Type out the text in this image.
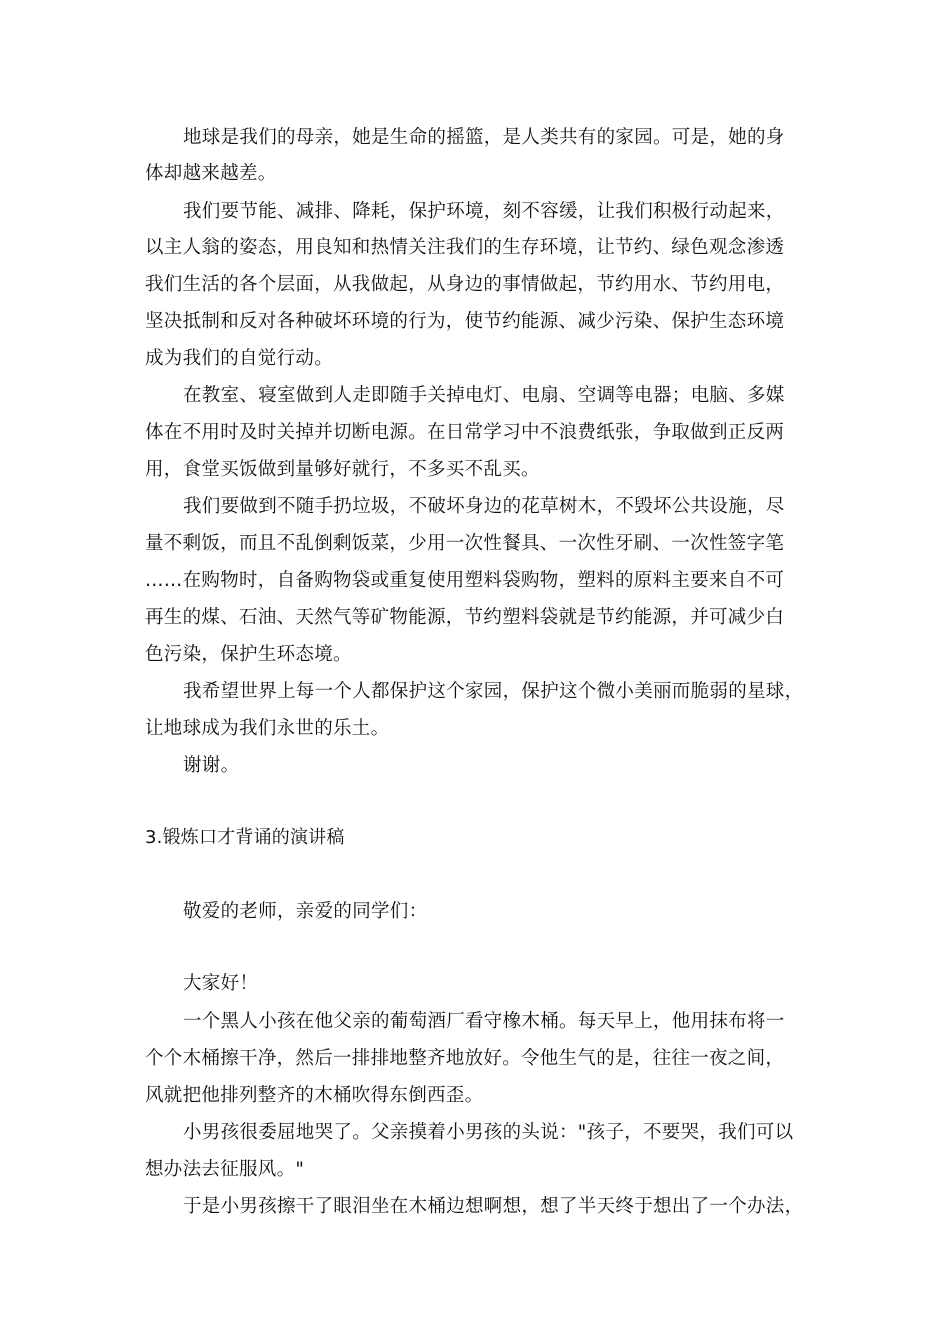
地球是我们的母亲，她是生命的摇篮，是人类共有的家园。可是，她的身
体却越来越差。
我们要节能、减排、降耗，保护环境，刻不容缓，让我们积极行动起来，
以主人翁的姿态，用良知和热情关注我们的生存环境，让节约、绿色观念渗透
我们生活的各个层面，从我做起，从身边的事情做起，节约用水、节约用电，
坚决抵制和反对各种破坏环境的行为，使节约能源、减少污染、保护生态环境
成为我们的自觉行动。
在教室、寝室做到人走即随手关掉电灯、电扇、空调等电器；电脑、多媒
体在不用时及时关掉并切断电源。在日常学习中不浪费纸张，争取做到正反两
用，食堂买饭做到量够好就行，不多买不乱买。
我们要做到不随手扔垃圾，不破坏身边的花草树木，不毁坏公共设施，尽
量不剩饭，而且不乱倒剩饭菜，少用一次性餐具、一次性牙刷、一次性签字笔
……在购物时，自备购物袋或重复使用塑料袋购物，塑料的原料主要来自不可
再生的煤、石油、天然气等矿物能源，节约塑料袋就是节约能源，并可减少白
色污染，保护生环态境。
我希望世界上每一个人都保护这个家园，保护这个微小美丽而脆弱的星球，
让地球成为我们永世的乐土。
谢谢。
3.锻炼口才背诵的演讲稿
敬爱的老师，亲爱的同学们：
大家好！
一个黑人小孩在他父亲的葡萄酒厂看守橡木桶。每天早上，他用抹布将一
个个木桶擦干净，然后一排排地整齐地放好。令他生气的是，往往一夜之间，
风就把他排列整齐的木桶吹得东倒西歪。
小男孩很委屈地哭了。父亲摸着小男孩的头说："孩子，不要哭，我们可以
想办法去征服风。"
于是小男孩擦干了眼泪坐在木桶边想啊想，想了半天终于想出了一个办法，
